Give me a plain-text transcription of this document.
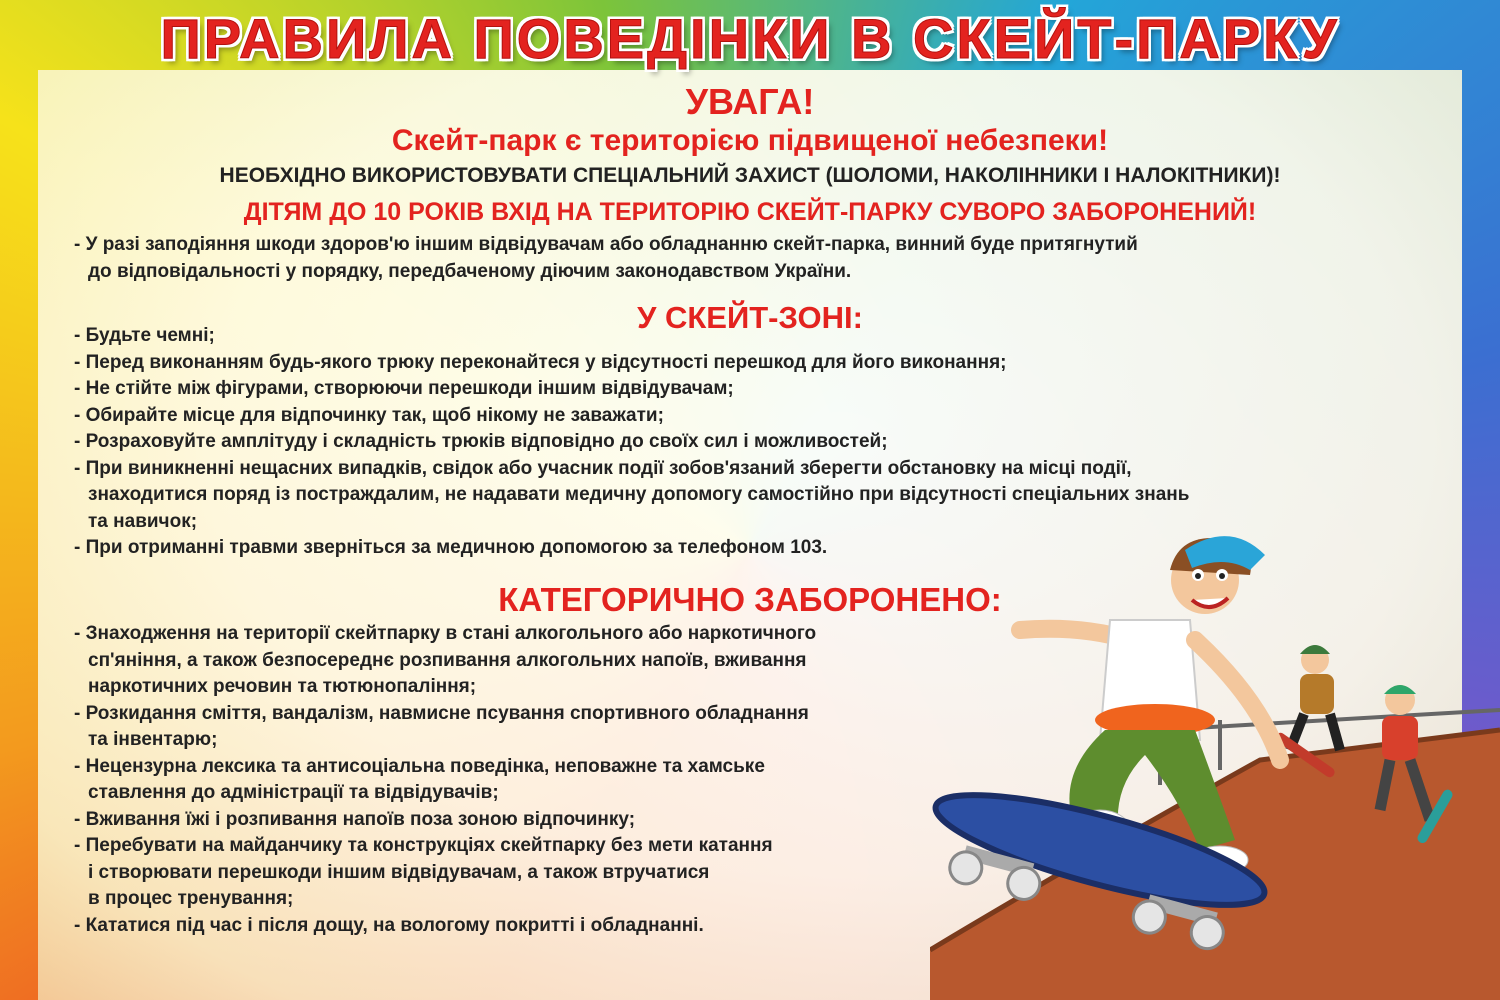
ПРАВИЛА ПОВЕДІНКИ В СКЕЙТ-ПАРКУ

УВАГА!

Скейт-парк є територією підвищеної небезпеки!

НЕОБХІДНО ВИКОРИСТОВУВАТИ СПЕЦІАЛЬНИЙ ЗАХИСТ (ШОЛОМИ, НАКОЛІННИКИ І НАЛОКІТНИКИ)!

ДІТЯМ ДО 10 РОКІВ ВХІД НА ТЕРИТОРІЮ СКЕЙТ-ПАРКУ СУВОРО ЗАБОРОНЕНИЙ!

- У разі заподіяння шкоди здоров'ю іншим відвідувачам або обладнанню скейт-парка, винний буде притягнутий

до відповідальності у порядку, передбаченому діючим законодавством України.

У СКЕЙТ-ЗОНІ:

- Будьте чемні;

- Перед виконанням будь-якого трюку переконайтеся у відсутності перешкод для його виконання;

- Не стійте між фігурами, створюючи перешкоди іншим відвідувачам;

- Обирайте місце для відпочинку так, щоб нікому не заважати;

- Розраховуйте амплітуду і складність трюків відповідно до своїх сил і можливостей;

- При виникненні нещасних випадків, свідок або учасник події зобов'язаний зберегти обстановку на місці події,

знаходитися поряд із постраждалим, не надавати медичну допомогу самостійно при відсутності спеціальних знань

та навичок;

- При отриманні травми зверніться за медичною допомогою за телефоном 103.

КАТЕГОРИЧНО ЗАБОРОНЕНО:

- Знаходження на території скейтпарку в стані алкогольного або наркотичного

сп'яніння, а також безпосереднє розпивання алкогольних напоїв, вживання

наркотичних речовин та тютюнопаління;

- Розкидання сміття, вандалізм, навмисне псування спортивного обладнання

та інвентарю;

- Нецензурна лексика та антисоціальна поведінка, неповажне та хамське

ставлення до адміністрації та відвідувачів;

- Вживання їжі і розпивання напоїв поза зоною відпочинку;

- Перебувати на майданчику та конструкціях скейтпарку без мети катання

і створювати перешкоди іншим відвідувачам, а також втручатися

в процес тренування;

- Кататися під час і після дощу, на вологому покритті і обладнанні.
